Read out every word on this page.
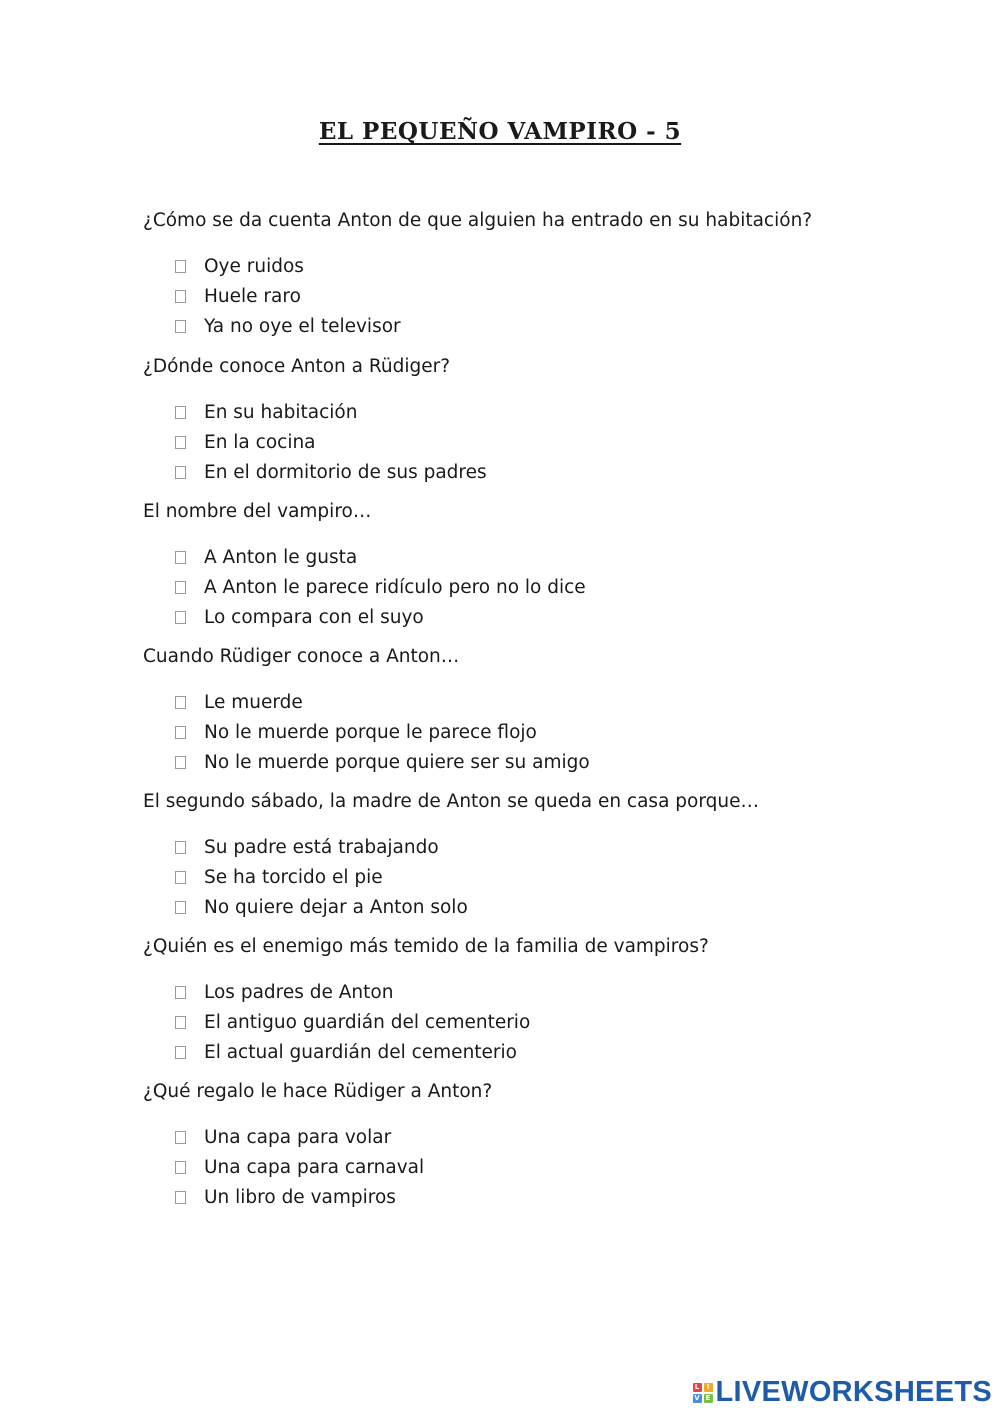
EL PEQUEÑO VAMPIRO - 5
¿Cómo se da cuenta Anton de que alguien ha entrado en su habitación?
Oye ruidos
Huele raro
Ya no oye el televisor
¿Dónde conoce Anton a Rüdiger?
En su habitación
En la cocina
En el dormitorio de sus padres
El nombre del vampiro…
A Anton le gusta
A Anton le parece ridículo pero no lo dice
Lo compara con el suyo
Cuando Rüdiger conoce a Anton…
Le muerde
No le muerde porque le parece flojo
No le muerde porque quiere ser su amigo
El segundo sábado, la madre de Anton se queda en casa porque…
Su padre está trabajando
Se ha torcido el pie
No quiere dejar a Anton solo
¿Quién es el enemigo más temido de la familia de vampiros?
Los padres de Anton
El antiguo guardián del cementerio
El actual guardián del cementerio
¿Qué regalo le hace Rüdiger a Anton?
Una capa para volar
Una capa para carnaval
Un libro de vampiros
L	I
V E LIVEWORKSHEETS
